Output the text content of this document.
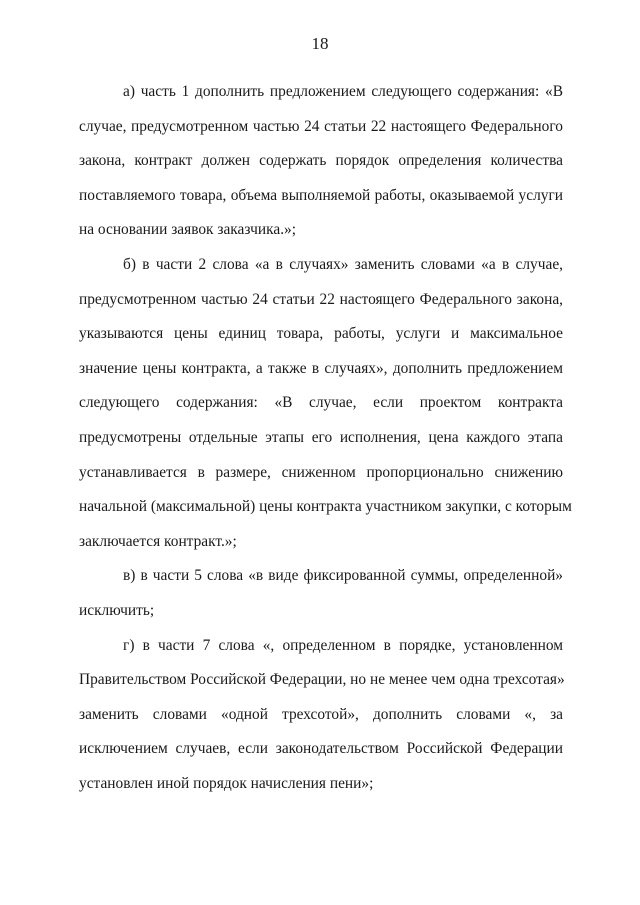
18
а) часть 1 дополнить предложением следующего содержания: «В
случае, предусмотренном частью 24 статьи 22 настоящего Федерального
закона, контракт должен содержать порядок определения количества
поставляемого товара, объема выполняемой работы, оказываемой услуги
на основании заявок заказчика.»;
б) в части 2 слова «а в случаях» заменить словами «а в случае,
предусмотренном частью 24 статьи 22 настоящего Федерального закона,
указываются цены единиц товара, работы, услуги и максимальное
значение цены контракта, а также в случаях», дополнить предложением
следующего содержания: «В случае, если проектом контракта
предусмотрены отдельные этапы его исполнения, цена каждого этапа
устанавливается в размере, сниженном пропорционально снижению
начальной (максимальной) цены контракта участником закупки, с которым
заключается контракт.»;
в) в части 5 слова «в виде фиксированной суммы, определенной»
исключить;
г) в части 7 слова «, определенном в порядке, установленном
Правительством Российской Федерации, но не менее чем одна трехсотая»
заменить словами «одной трехсотой», дополнить словами «, за
исключением случаев, если законодательством Российской Федерации
установлен иной порядок начисления пени»;
